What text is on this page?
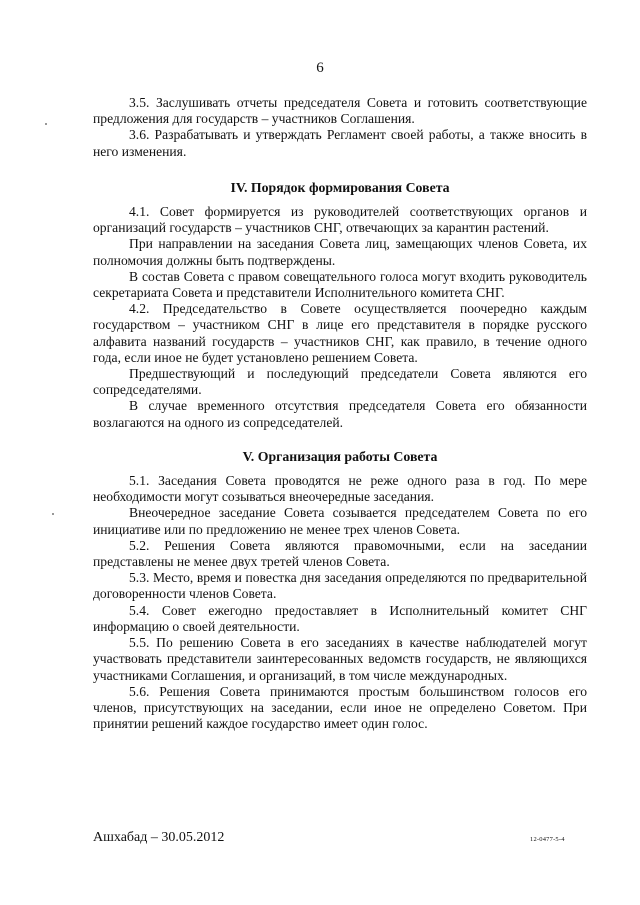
6

3.5. Заслушивать отчеты председателя Совета и готовить соответствующие предложения для государств – участников Соглашения.

3.6. Разрабатывать и утверждать Регламент своей работы, а также вносить в него изменения.

IV. Порядок формирования Совета

4.1. Совет формируется из руководителей соответствующих органов и организаций государств – участников СНГ, отвечающих за карантин растений.

При направлении на заседания Совета лиц, замещающих членов Совета, их полномочия должны быть подтверждены.

В состав Совета с правом совещательного голоса могут входить руководитель секретариата Совета и представители Исполнительного комитета СНГ.

4.2. Председательство в Совете осуществляется поочередно каждым государством – участником СНГ в лице его представителя в порядке русского алфавита названий государств – участников СНГ, как правило, в течение одного года, если иное не будет установлено решением Совета.

Предшествующий и последующий председатели Совета являются его сопредседателями.

В случае временного отсутствия председателя Совета его обязанности возлагаются на одного из сопредседателей.

V. Организация работы Совета

5.1. Заседания Совета проводятся не реже одного раза в год. По мере необходимости могут созываться внеочередные заседания.

Внеочередное заседание Совета созывается председателем Совета по его инициативе или по предложению не менее трех членов Совета.

5.2. Решения Совета являются правомочными, если на заседании представлены не менее двух третей членов Совета.

5.3. Место, время и повестка дня заседания определяются по предварительной договоренности членов Совета.

5.4. Совет ежегодно предоставляет в Исполнительный комитет СНГ информацию о своей деятельности.

5.5. По решению Совета в его заседаниях в качестве наблюдателей могут участвовать представители заинтересованных ведомств государств, не являющихся участниками Соглашения, и организаций, в том числе международных.

5.6. Решения Совета принимаются простым большинством голосов его членов, присутствующих на заседании, если иное не определено Советом. При принятии решений каждое государство имеет один голос.

Ашхабад – 30.05.2012	12-0477-5-4
